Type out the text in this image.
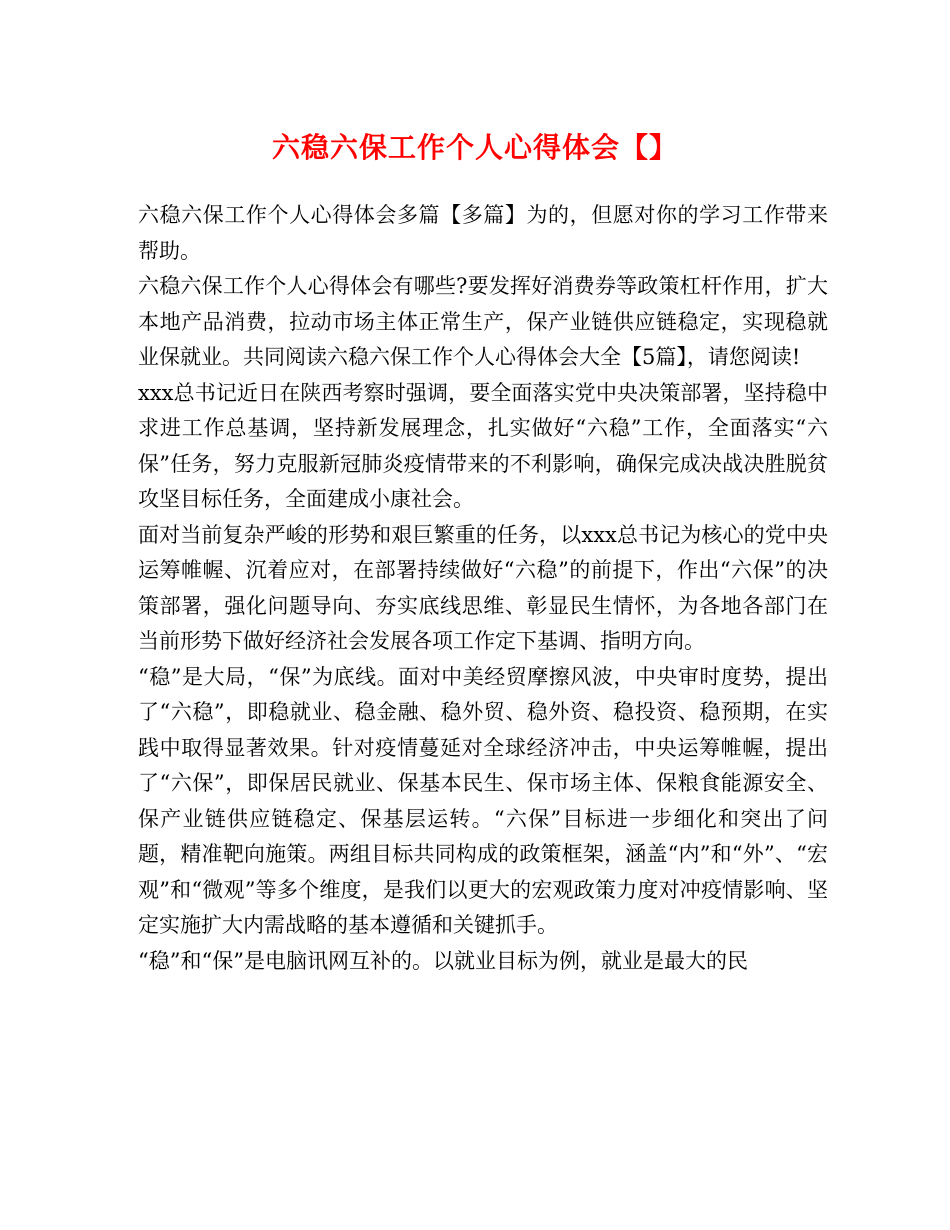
六稳六保工作个人心得体会【】

六稳六保工作个人心得体会多篇【多篇】为的，但愿对你的学习工作带来帮助。

六稳六保工作个人心得体会有哪些?要发挥好消费券等政策杠杆作用，扩大本地产品消费，拉动市场主体正常生产，保产业链供应链稳定，实现稳就业保就业。共同阅读六稳六保工作个人心得体会大全【5篇】，请您阅读!

xxx总书记近日在陕西考察时强调，要全面落实党中央决策部署，坚持稳中求进工作总基调，坚持新发展理念，扎实做好“六稳”工作，全面落实“六保”任务，努力克服新冠肺炎疫情带来的不利影响，确保完成决战决胜脱贫攻坚目标任务，全面建成小康社会。

面对当前复杂严峻的形势和艰巨繁重的任务，以xxx总书记为核心的党中央运筹帷幄、沉着应对，在部署持续做好“六稳”的前提下，作出“六保”的决策部署，强化问题导向、夯实底线思维、彰显民生情怀，为各地各部门在当前形势下做好经济社会发展各项工作定下基调、指明方向。

“稳”是大局，“保”为底线。面对中美经贸摩擦风波，中央审时度势，提出了“六稳”，即稳就业、稳金融、稳外贸、稳外资、稳投资、稳预期，在实践中取得显著效果。针对疫情蔓延对全球经济冲击，中央运筹帷幄，提出了“六保”，即保居民就业、保基本民生、保市场主体、保粮食能源安全、保产业链供应链稳定、保基层运转。“六保”目标进一步细化和突出了问题，精准靶向施策。两组目标共同构成的政策框架，涵盖“内”和“外”、“宏观”和“微观”等多个维度，是我们以更大的宏观政策力度对冲疫情影响、坚定实施扩大内需战略的基本遵循和关键抓手。

“稳”和“保”是电脑讯网互补的。以就业目标为例，就业是最大的民
